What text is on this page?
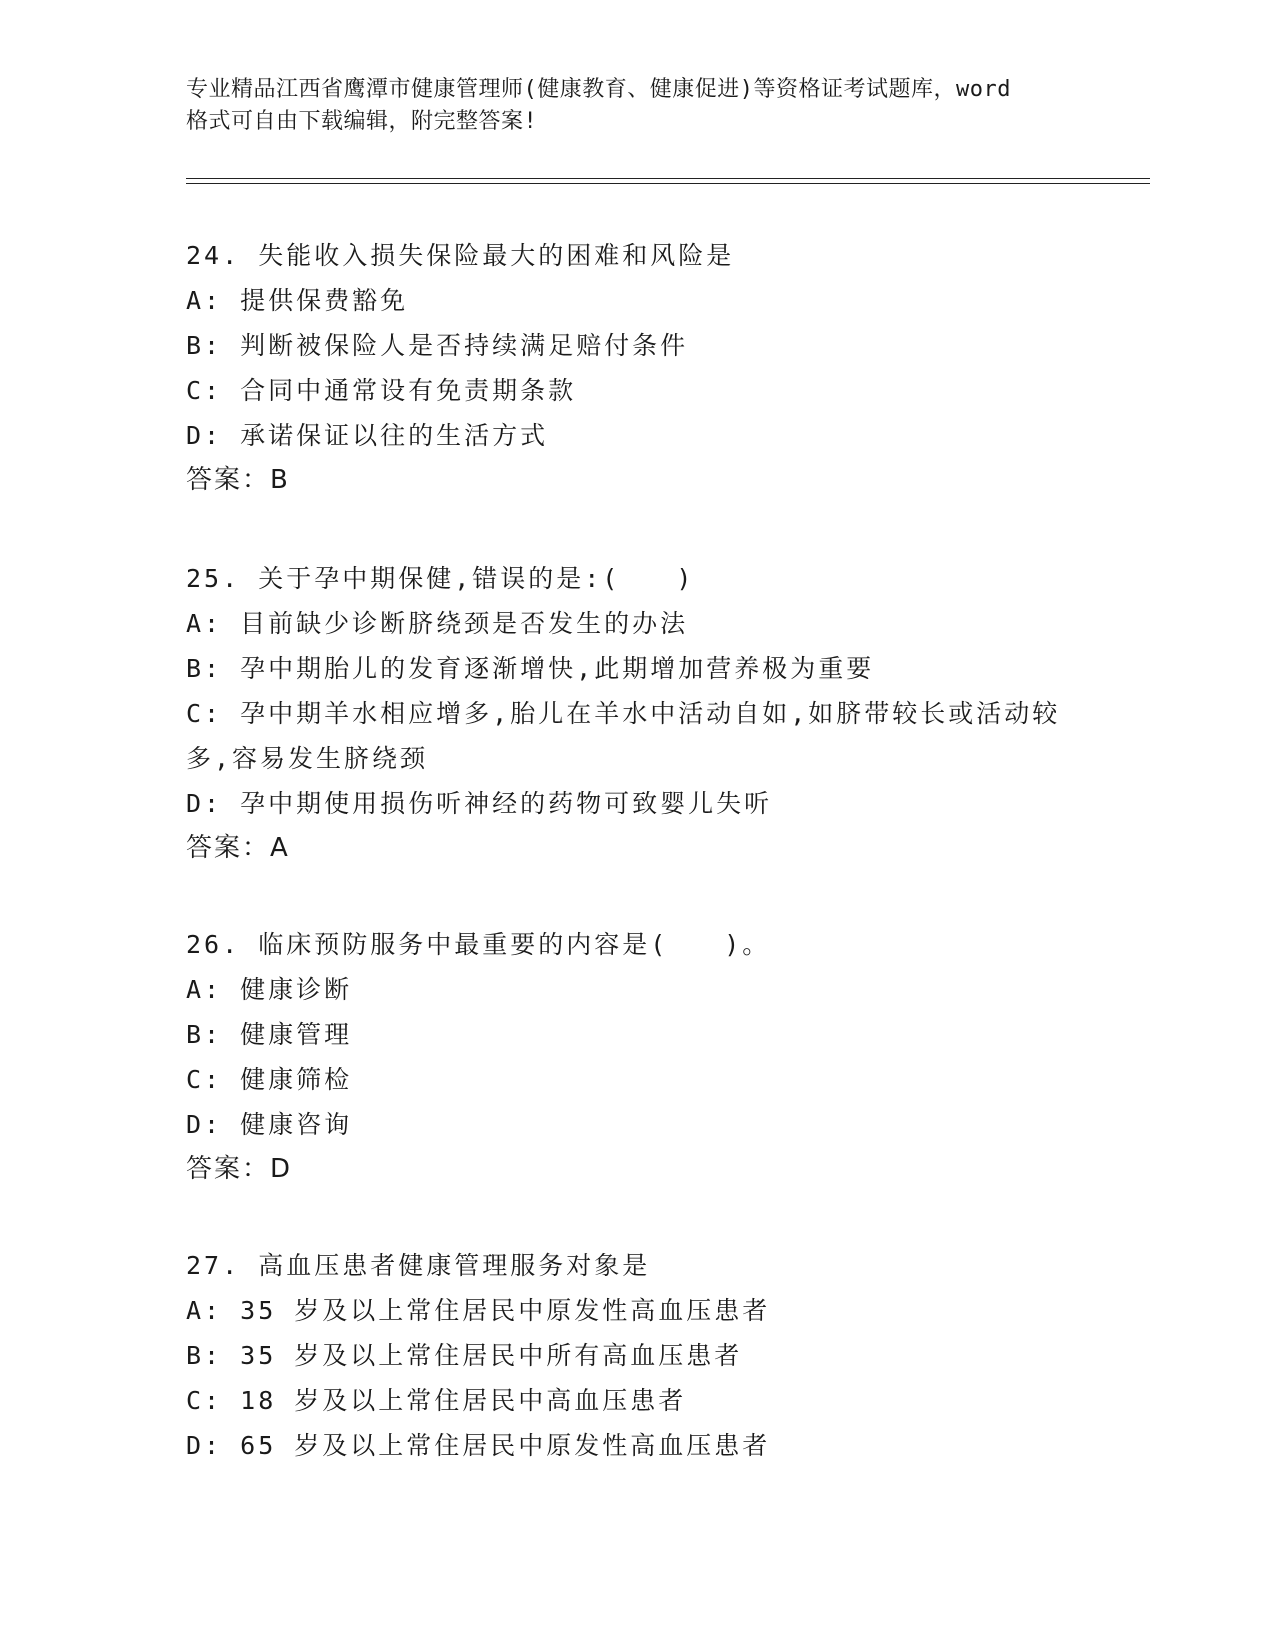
专业精品江西省鹰潭市健康管理师(健康教育、健康促进)等资格证考试题库，word
格式可自由下载编辑，附完整答案!
24. 失能收入损失保险最大的困难和风险是
A: 提供保费豁免
B: 判断被保险人是否持续满足赔付条件
C: 合同中通常设有免责期条款
D: 承诺保证以往的生活方式
答案：B
25. 关于孕中期保健,错误的是:(　　)
A: 目前缺少诊断脐绕颈是否发生的办法
B: 孕中期胎儿的发育逐渐增快,此期增加营养极为重要
C: 孕中期羊水相应增多,胎儿在羊水中活动自如,如脐带较长或活动较多,容易发生脐绕颈
D: 孕中期使用损伤听神经的药物可致婴儿失听
答案：A
26. 临床预防服务中最重要的内容是(　　)。
A: 健康诊断
B: 健康管理
C: 健康筛检
D: 健康咨询
答案：D
27. 高血压患者健康管理服务对象是
A: 35 岁及以上常住居民中原发性高血压患者
B: 35 岁及以上常住居民中所有高血压患者
C: 18 岁及以上常住居民中高血压患者
D: 65 岁及以上常住居民中原发性高血压患者
